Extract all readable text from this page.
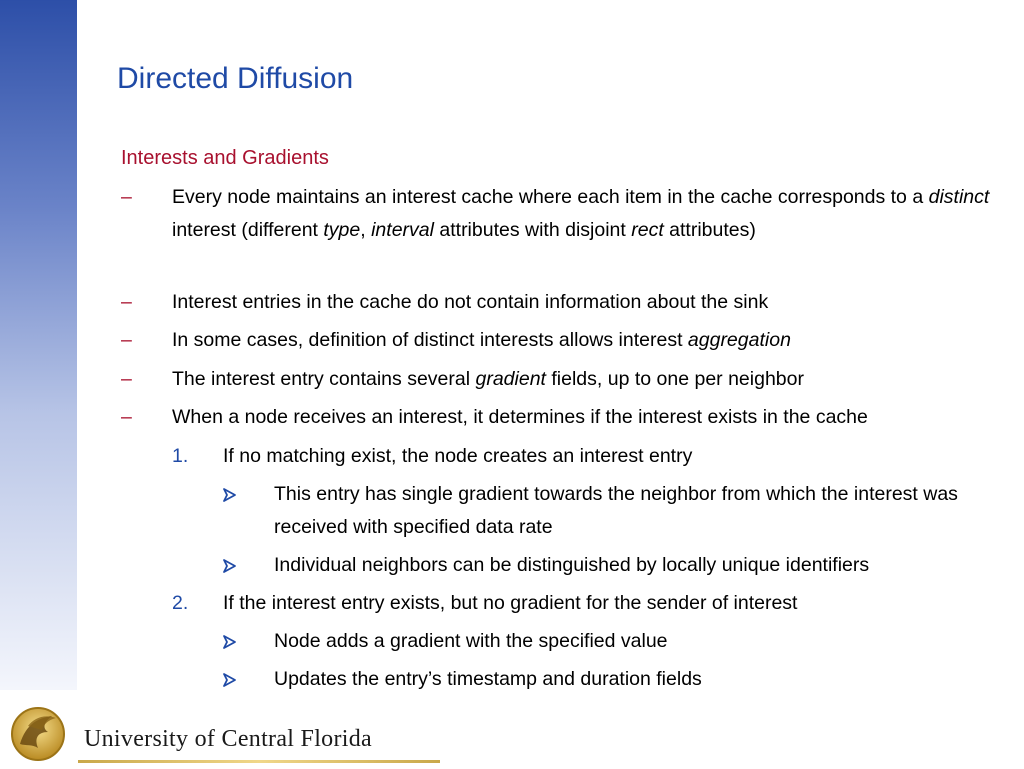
Directed Diffusion
Interests and Gradients
– Every node maintains an interest cache where each item in the cache corresponds to a distinct interest (different type, interval attributes with disjoint rect attributes)
– Interest entries in the cache do not contain information about the sink
– In some cases, definition of distinct interests allows interest aggregation
– The interest entry contains several gradient fields, up to one per neighbor
– When a node receives an interest, it determines if the interest exists in the cache
1. If no matching exist, the node creates an interest entry
This entry has single gradient towards the neighbor from which the interest was received with specified data rate
Individual neighbors can be distinguished by locally unique identifiers
2. If the interest entry exists, but no gradient for the sender of interest
Node adds a gradient with the specified value
Updates the entry’s timestamp and duration fields
University of Central Florida
